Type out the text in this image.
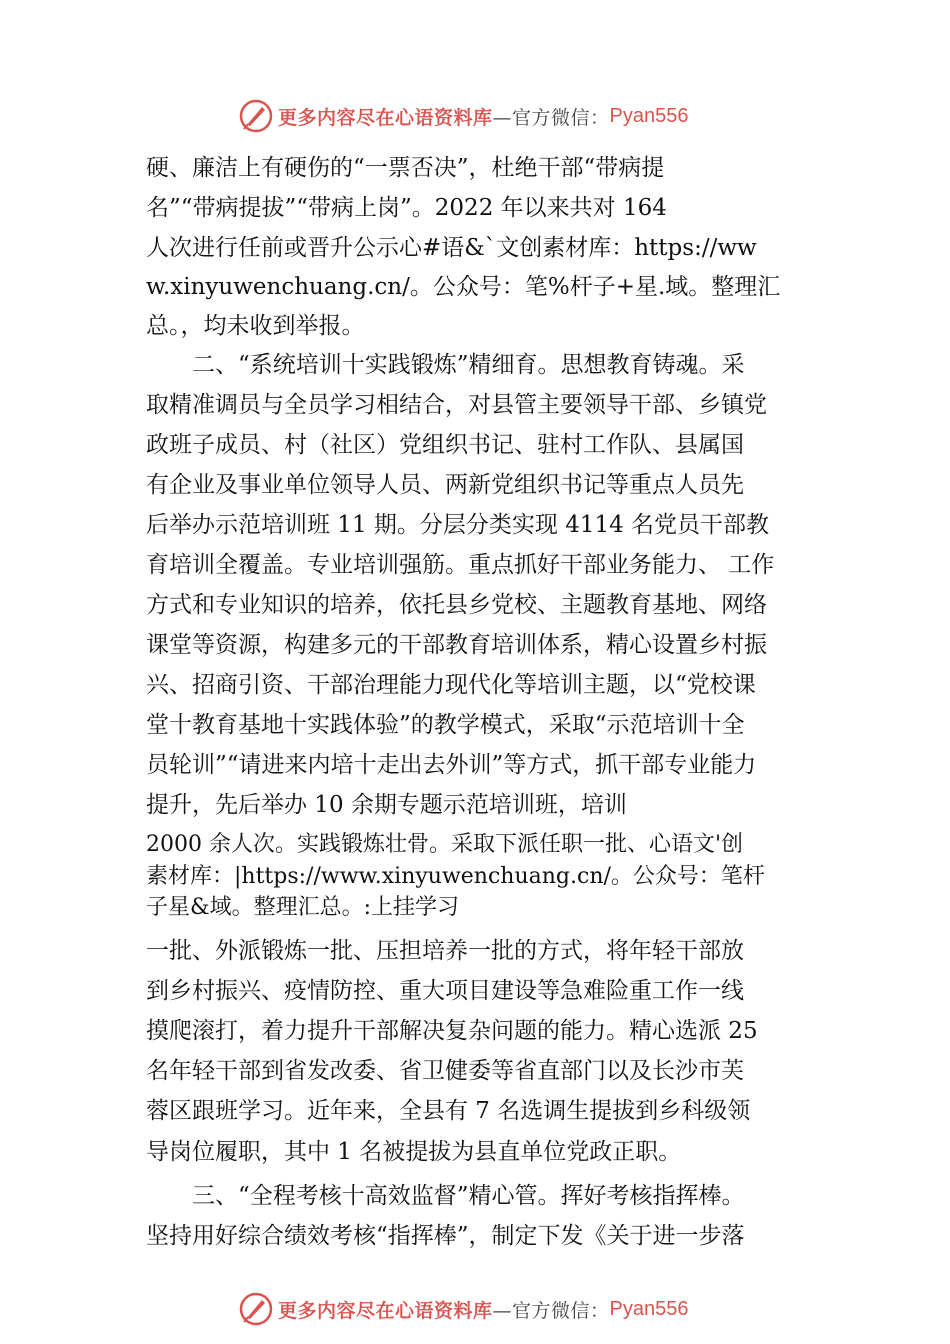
更多内容尽在心语资料库 —官方微信： Pyan556
硬、廉洁上有硬伤的“一票否决”，杜绝干部“带病提
名”“带病提拔”“带病上岗”。2022 年以来共对 164
人次进行任前或晋升公示心#语&`文创素材库：https://ww
w.xinyuwenchuang.cn/。公众号：笔%杆子+星.域。整理汇
总。，均未收到举报。
二、“系统培训十实践锻炼”精细育。思想教育铸魂。采
取精准调员与全员学习相结合，对县管主要领导干部、乡镇党
政班子成员、村（社区）党组织书记、驻村工作队、县属国
有企业及事业单位领导人员、两新党组织书记等重点人员先
后举办示范培训班 11 期。分层分类实现 4114 名党员干部教
育培训全覆盖。专业培训强筋。重点抓好干部业务能力、 工作
方式和专业知识的培养，依托县乡党校、主题教育基地、网络
课堂等资源，构建多元的干部教育培训体系，精心设置乡村振
兴、招商引资、干部治理能力现代化等培训主题，以“党校课
堂十教育基地十实践体验”的教学模式，采取“示范培训十全
员轮训”“请进来内培十走出去外训”等方式，抓干部专业能力
提升，先后举办 10 余期专题示范培训班，培训
2000 余人次。实践锻炼壮骨。采取下派任职一批、心语文'创
素材库：|https://www.xinyuwenchuang.cn/。公众号：笔杆
子星&域。整理汇总。:上挂学习
一批、外派锻炼一批、压担培养一批的方式，将年轻干部放
到乡村振兴、疫情防控、重大项目建设等急难险重工作一线
摸爬滚打，着力提升干部解决复杂问题的能力。精心选派 25
名年轻干部到省发改委、省卫健委等省直部门以及长沙市芙
蓉区跟班学习。近年来，全县有 7 名选调生提拔到乡科级领
导岗位履职，其中 1 名被提拔为县直单位党政正职。
三、“全程考核十高效监督”精心管。挥好考核指挥棒。
坚持用好综合绩效考核“指挥棒”，制定下发《关于进一步落
更多内容尽在心语资料库 —官方微信： Pyan556
